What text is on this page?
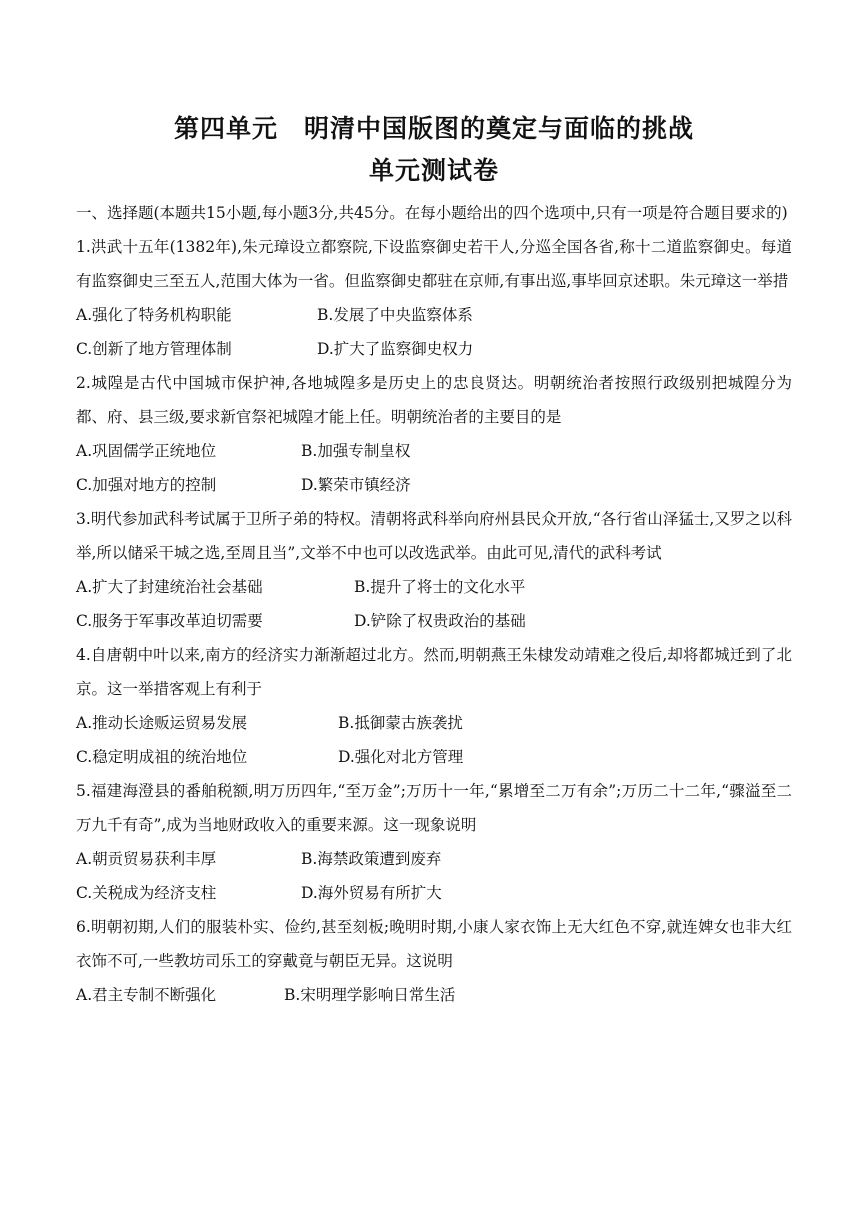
第四单元　明清中国版图的奠定与面临的挑战
单元测试卷

一、选择题(本题共15小题,每小题3分,共45分。在每小题给出的四个选项中,只有一项是符合题目要求的)

1.洪武十五年(1382年),朱元璋设立都察院,下设监察御史若干人,分巡全国各省,称十二道监察御史。每道有监察御史三至五人,范围大体为一省。但监察御史都驻在京师,有事出巡,事毕回京述职。朱元璋这一举措

A.强化了特务机构职能	B.发展了中央监察体系
C.创新了地方管理体制	D.扩大了监察御史权力

2.城隍是古代中国城市保护神,各地城隍多是历史上的忠良贤达。明朝统治者按照行政级别把城隍分为都、府、县三级,要求新官祭祀城隍才能上任。明朝统治者的主要目的是

A.巩固儒学正统地位	B.加强专制皇权
C.加强对地方的控制	D.繁荣市镇经济

3.明代参加武科考试属于卫所子弟的特权。清朝将武科举向府州县民众开放,“各行省山泽猛士,又罗之以科举,所以储采干城之选,至周且当”,文举不中也可以改选武举。由此可见,清代的武科考试

A.扩大了封建统治社会基础	B.提升了将士的文化水平
C.服务于军事改革迫切需要	D.铲除了权贵政治的基础

4.自唐朝中叶以来,南方的经济实力渐渐超过北方。然而,明朝燕王朱棣发动靖难之役后,却将都城迁到了北京。这一举措客观上有利于

A.推动长途贩运贸易发展	B.抵御蒙古族袭扰
C.稳定明成祖的统治地位	D.强化对北方管理

5.福建海澄县的番舶税额,明万历四年,“至万金”;万历十一年,“累增至二万有余”;万历二十二年,“骤溢至二万九千有奇”,成为当地财政收入的重要来源。这一现象说明

A.朝贡贸易获利丰厚	B.海禁政策遭到废弃
C.关税成为经济支柱	D.海外贸易有所扩大

6.明朝初期,人们的服装朴实、俭约,甚至刻板;晚明时期,小康人家衣饰上无大红色不穿,就连婢女也非大红衣饰不可,一些教坊司乐工的穿戴竟与朝臣无异。这说明

A.君主专制不断强化	B.宋明理学影响日常生活
